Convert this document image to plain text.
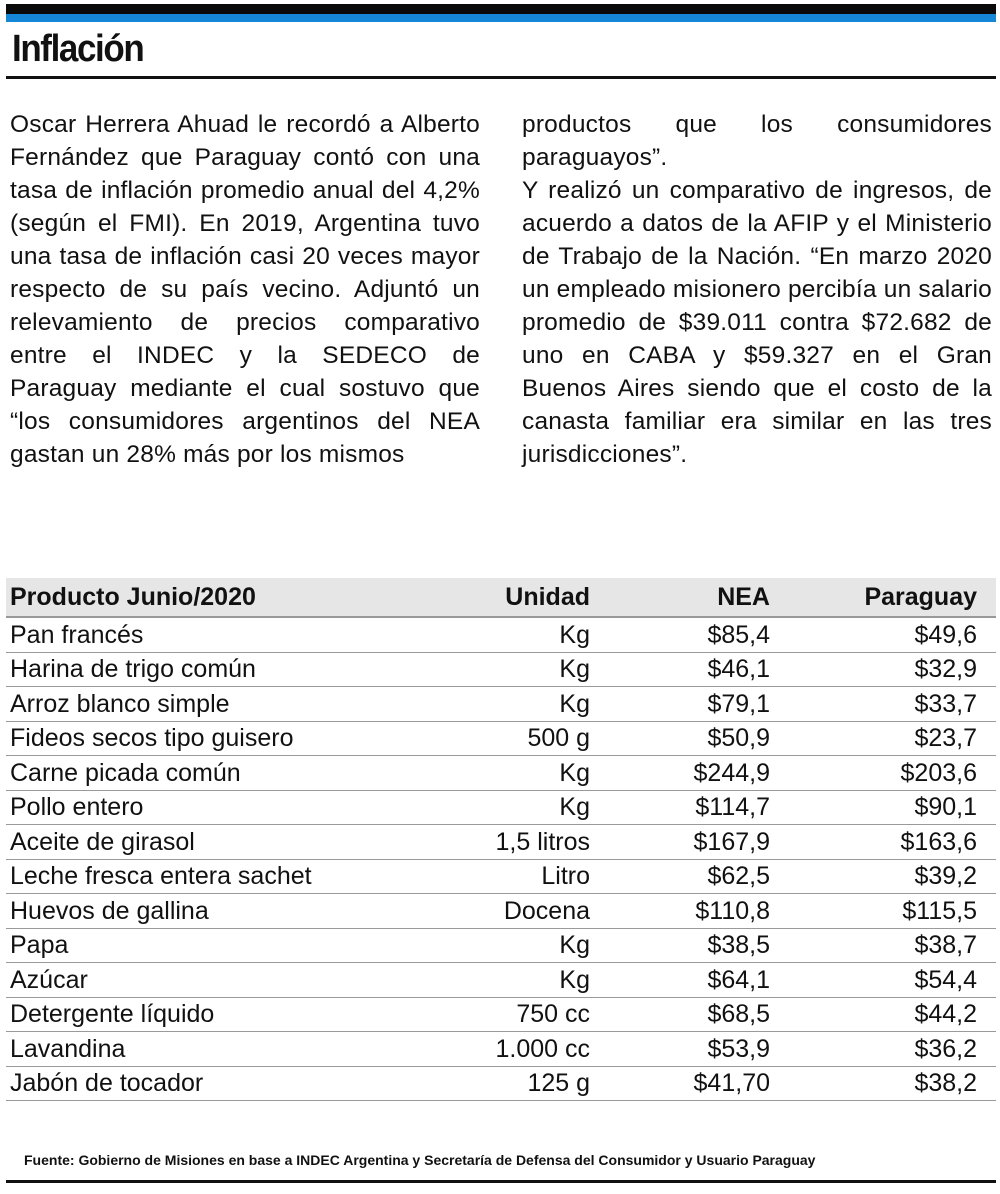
Inflación

Oscar Herrera Ahuad le recordó a Alberto Fernández que Paraguay contó con una tasa de inflación promedio anual del 4,2% (según el FMI). En 2019, Argentina tuvo una tasa de inflación casi 20 veces mayor respecto de su país vecino. Adjuntó un relevamiento de precios comparativo entre el INDEC y la SEDECO de Paraguay mediante el cual sostuvo que “los consumidores argentinos del NEA gastan un 28% más por los mismos

productos que los consumidores paraguayos”.

Y realizó un comparativo de ingresos, de acuerdo a datos de la AFIP y el Ministerio de Trabajo de la Nación. “En marzo 2020 un empleado misionero percibía un salario promedio de $39.011 contra $72.682 de uno en CABA y $59.327 en el Gran Buenos Aires siendo que el costo de la canasta familiar era similar en las tres jurisdicciones”.

Producto Junio/2020	Unidad	NEA	Paraguay
Pan francés	Kg	$85,4	$49,6
Harina de trigo común	Kg	$46,1	$32,9
Arroz blanco simple	Kg	$79,1	$33,7
Fideos secos tipo guisero	500 g	$50,9	$23,7
Carne picada común	Kg	$244,9	$203,6
Pollo entero	Kg	$114,7	$90,1
Aceite de girasol	1,5 litros	$167,9	$163,6
Leche fresca entera sachet	Litro	$62,5	$39,2
Huevos de gallina	Docena	$110,8	$115,5
Papa	Kg	$38,5	$38,7
Azúcar	Kg	$64,1	$54,4
Detergente líquido	750 cc	$68,5	$44,2
Lavandina	1.000 cc	$53,9	$36,2
Jabón de tocador	125 g	$41,70	$38,2
Fuente: Gobierno de Misiones en base a INDEC Argentina y Secretaría de Defensa del Consumidor y Usuario Paraguay
